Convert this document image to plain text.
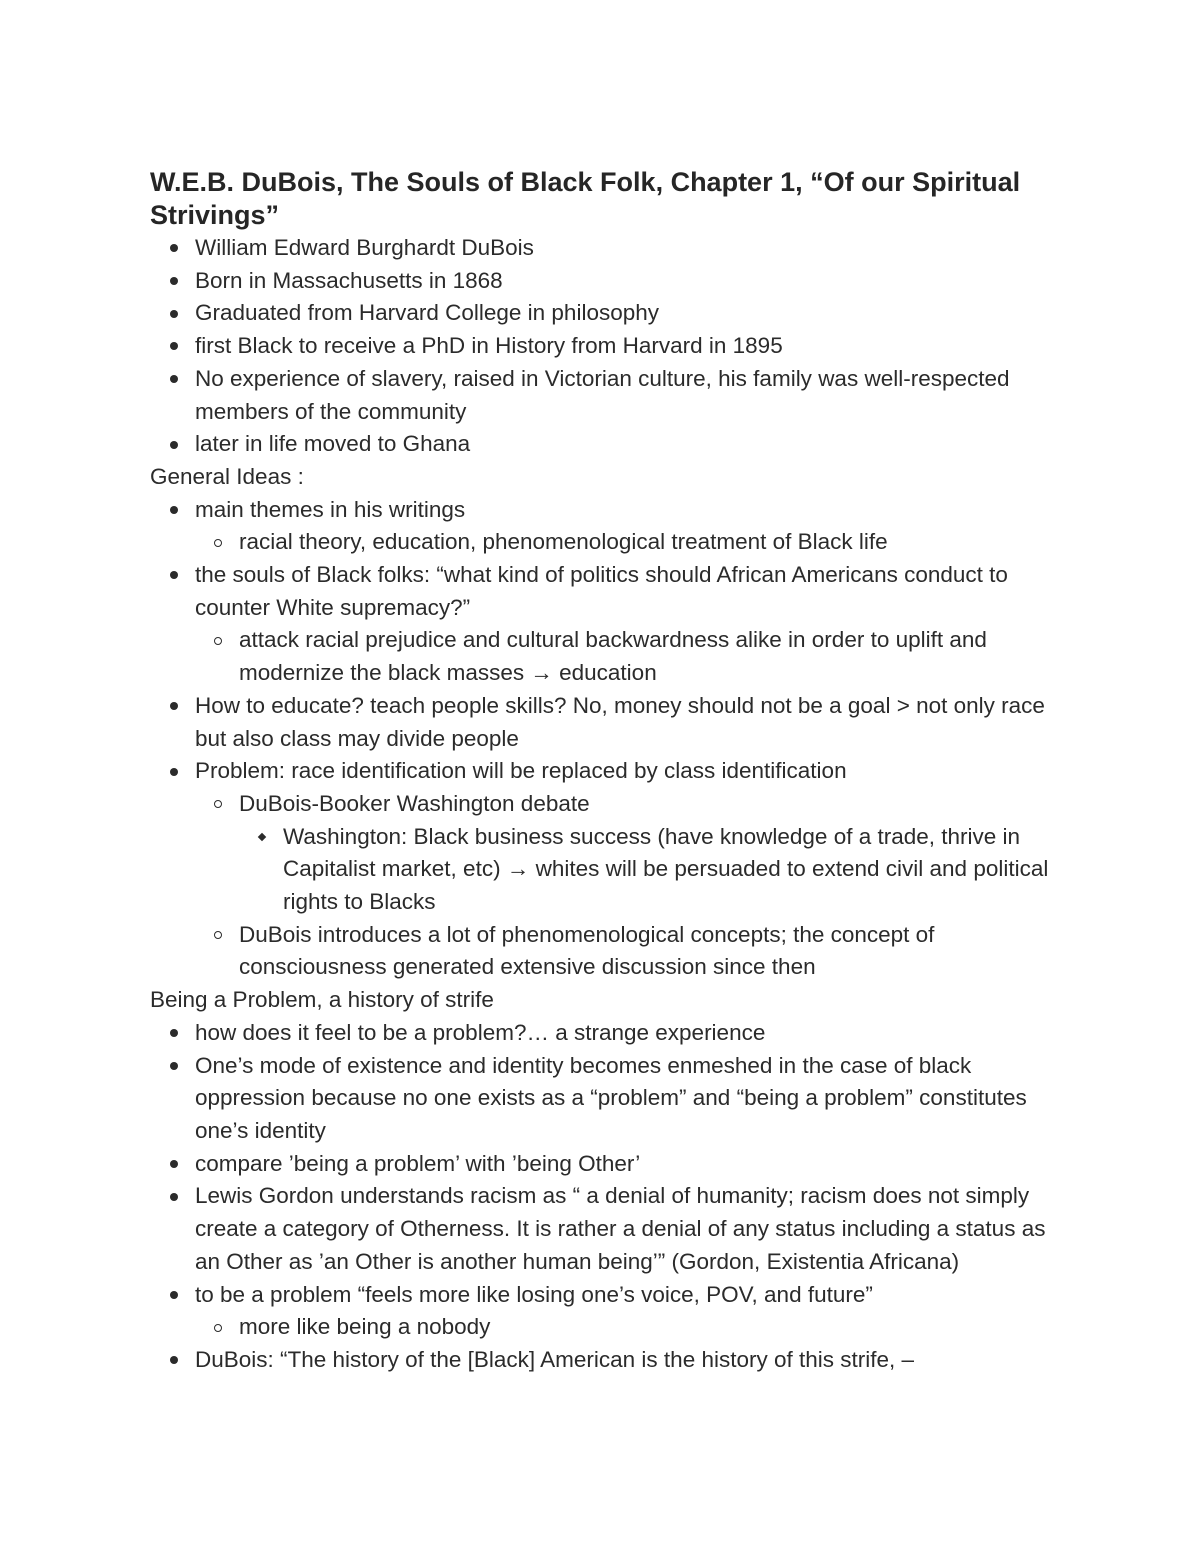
W.E.B. DuBois, The Souls of Black Folk, Chapter 1, “Of our Spiritual Strivings”
William Edward Burghardt DuBois
Born in Massachusetts in 1868
Graduated from Harvard College in philosophy
first Black to receive a PhD in History from Harvard in 1895
No experience of slavery, raised in Victorian culture, his family was well-respected members of the community
later in life moved to Ghana

General Ideas :

main themes in his writings
racial theory, education, phenomenological treatment of Black life
the souls of Black folks: “what kind of politics should African Americans conduct to counter White supremacy?”
attack racial prejudice and cultural backwardness alike in order to uplift and modernize the black masses → education
How to educate? teach people skills? No, money should not be a goal > not only race but also class may divide people
Problem: race identification will be replaced by class identification
DuBois-Booker Washington debate
Washington: Black business success (have knowledge of a trade, thrive in Capitalist market, etc) → whites will be persuaded to extend civil and political rights to Blacks
DuBois introduces a lot of phenomenological concepts; the concept of consciousness generated extensive discussion since then

Being a Problem, a history of strife

how does it feel to be a problem?… a strange experience
One’s mode of existence and identity becomes enmeshed in the case of black oppression because no one exists as a “problem” and “being a problem” constitutes one’s identity
compare ’being a problem’ with ’being Other’
Lewis Gordon understands racism as “ a denial of humanity; racism does not simply create a category of Otherness. It is rather a denial of any status including a status as an Other as ’an Other is another human being’” (Gordon, Existentia Africana)
to be a problem “feels more like losing one’s voice, POV, and future”
more like being a nobody
DuBois: “The history of the [Black] American is the history of this strife, –
